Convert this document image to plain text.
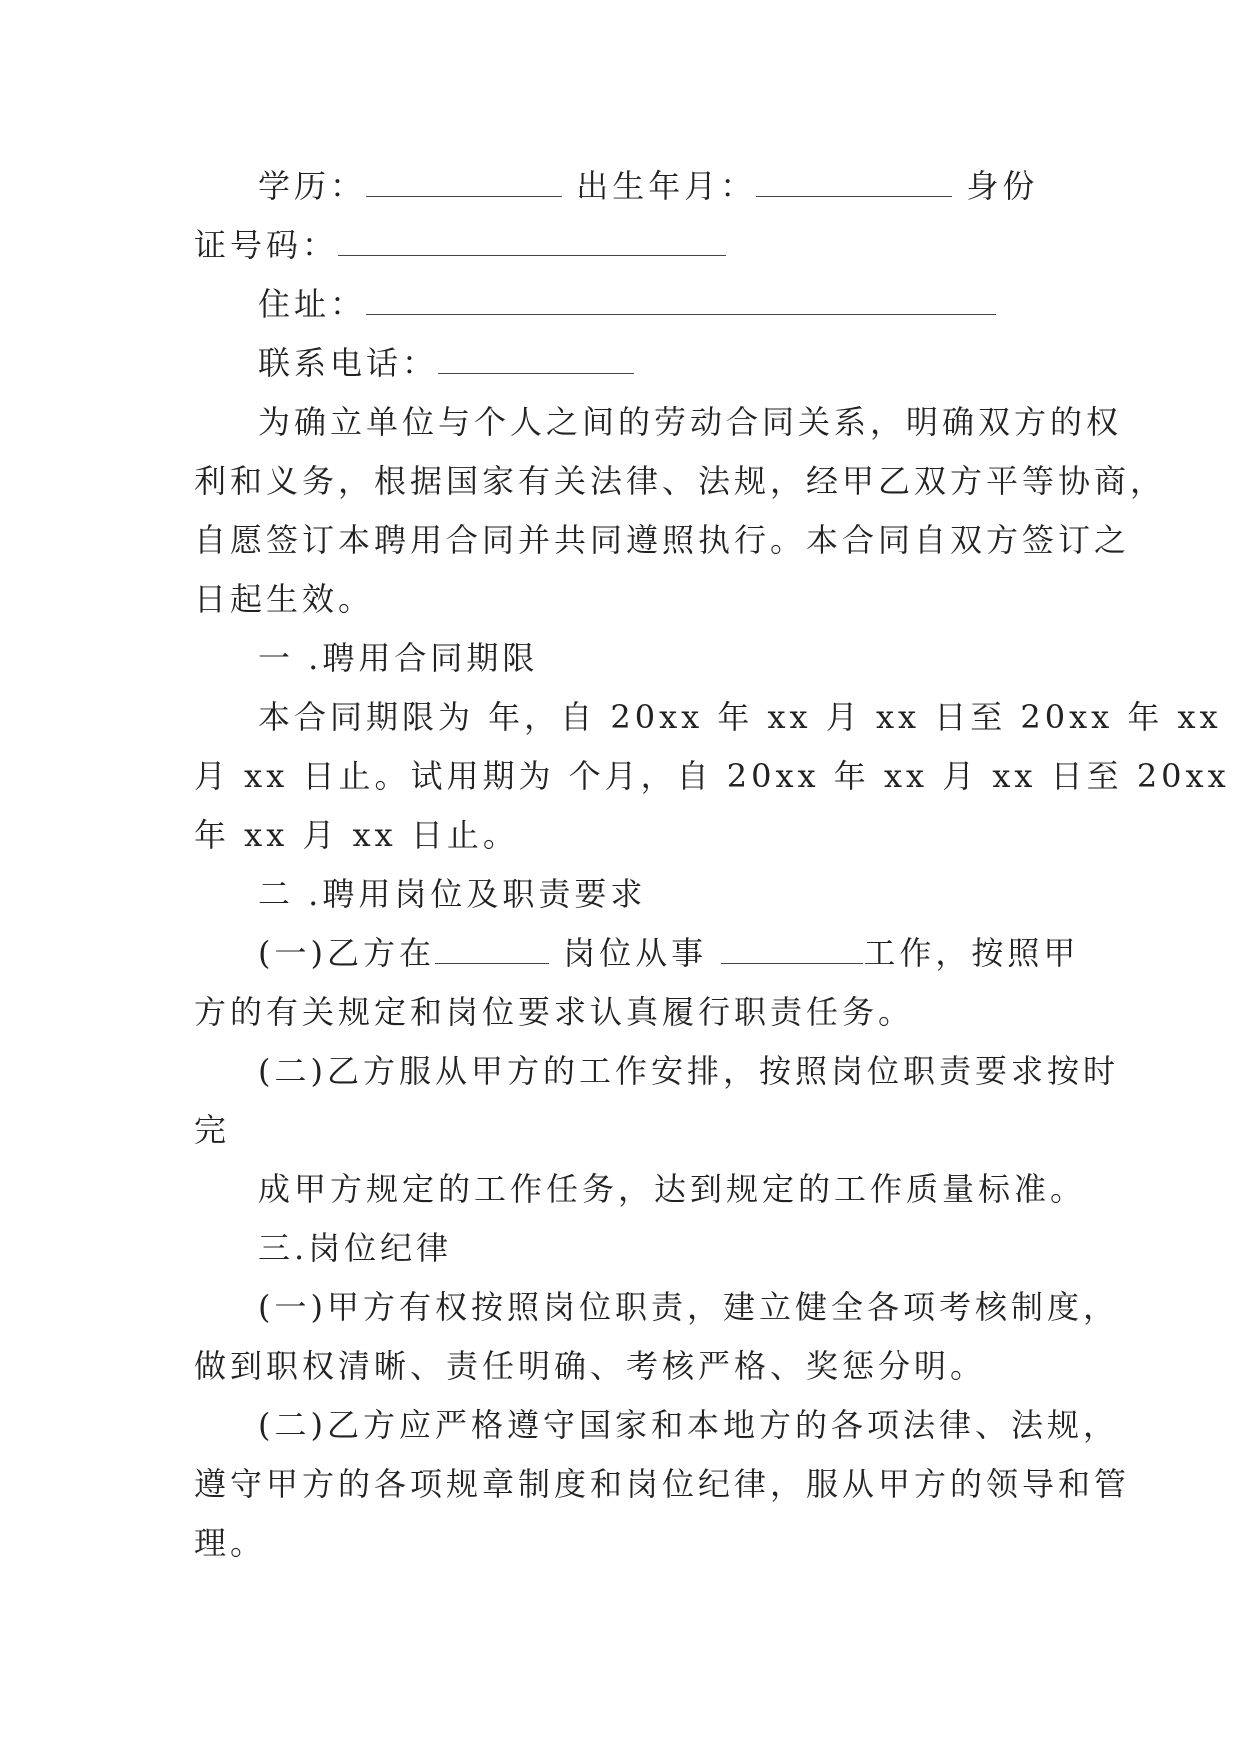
学历：	出生年月：	身份
证号码：
住址：
联系电话：
为确立单位与个人之间的劳动合同关系，明确双方的权
利和义务，根据国家有关法律、法规，经甲乙双方平等协商，
自愿签订本聘用合同并共同遵照执行。本合同自双方签订之
日起生效。
一 .聘用合同期限
本合同期限为 年，自 20xx 年 xx 月 xx 日至 20xx 年 xx
月 xx 日止。试用期为 个月，自 20xx 年 xx 月 xx 日至 20xx
年 xx 月 xx 日止。
二 .聘用岗位及职责要求
(一)乙方在	岗位从事	工作，按照甲
方的有关规定和岗位要求认真履行职责任务。
(二)乙方服从甲方的工作安排，按照岗位职责要求按时
完
成甲方规定的工作任务，达到规定的工作质量标准。
三.岗位纪律
(一)甲方有权按照岗位职责，建立健全各项考核制度，
做到职权清晰、责任明确、考核严格、奖惩分明。
(二)乙方应严格遵守国家和本地方的各项法律、法规，
遵守甲方的各项规章制度和岗位纪律，服从甲方的领导和管
理。
